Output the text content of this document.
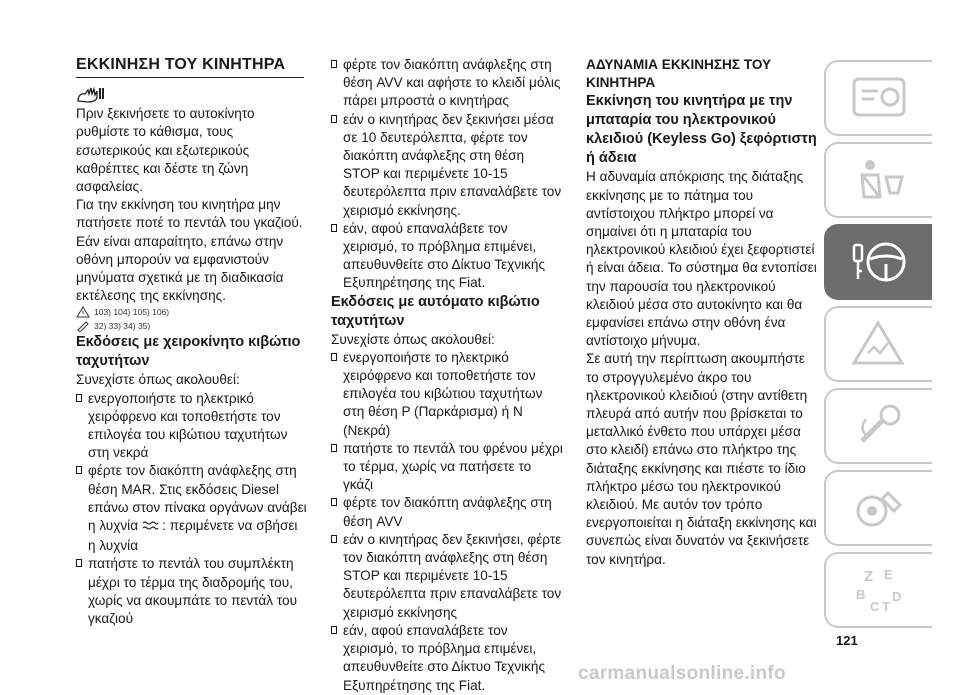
ΕΚΚΙΝΗΣΗ ΤΟΥ ΚΙΝΗΤΗΡΑ

Πριν ξεκινήσετε το αυτοκίνητο ρυθμίστε το κάθισμα, τους εσωτερικούς και εξωτερικούς καθρέπτες και δέστε τη ζώνη ασφαλείας.

Για την εκκίνηση του κινητήρα μην πατήσετε ποτέ το πεντάλ του γκαζιού.

Εάν είναι απαραίτητο, επάνω στην οθόνη μπορούν να εμφανιστούν μηνύματα σχετικά με τη διαδικασία εκτέλεσης της εκκίνησης.

103) 104) 105) 106)
32) 33) 34) 35)

Εκδόσεις με χειροκίνητο κιβώτιο ταχυτήτων

Συνεχίστε όπως ακολουθεί:

ενεργοποιήστε το ηλεκτρικό χειρόφρενο και τοποθετήστε τον επιλογέα του κιβώτιου ταχυτήτων στη νεκρά

φέρτε τον διακόπτη ανάφλεξης στη θέση MAR. Στις εκδόσεις Diesel επάνω στον πίνακα οργάνων ανάβει η λυχνία : περιμένετε να σβήσει η λυχνία

πατήστε το πεντάλ του συμπλέκτη μέχρι το τέρμα της διαδρομής του, χωρίς να ακουμπάτε το πεντάλ του γκαζιού

φέρτε τον διακόπτη ανάφλεξης στη θέση AVV και αφήστε το κλειδί μόλις πάρει μπροστά ο κινητήρας

εάν ο κινητήρας δεν ξεκινήσει μέσα σε 10 δευτερόλεπτα, φέρτε τον διακόπτη ανάφλεξης στη θέση STOP και περιμένετε 10-15 δευτερόλεπτα πριν επαναλάβετε τον χειρισμό εκκίνησης.

εάν, αφού επαναλάβετε τον χειρισμό, το πρόβλημα επιμένει, απευθυνθείτε στο Δίκτυο Τεχνικής Εξυπηρέτησης της Fiat.

Εκδόσεις με αυτόματο κιβώτιο ταχυτήτων

Συνεχίστε όπως ακολουθεί:

ενεργοποιήστε το ηλεκτρικό χειρόφρενο και τοποθετήστε τον επιλογέα του κιβώτιου ταχυτήτων στη θέση P (Παρκάρισμα) ή N (Νεκρά)

πατήστε το πεντάλ του φρένου μέχρι το τέρμα, χωρίς να πατήσετε το γκάζι

φέρτε τον διακόπτη ανάφλεξης στη θέση AVV

εάν ο κινητήρας δεν ξεκινήσει, φέρτε τον διακόπτη ανάφλεξης στη θέση STOP και περιμένετε 10-15 δευτερόλεπτα πριν επαναλάβετε τον χειρισμό εκκίνησης

εάν, αφού επαναλάβετε τον χειρισμό, το πρόβλημα επιμένει, απευθυνθείτε στο Δίκτυο Τεχνικής Εξυπηρέτησης της Fiat.

ΑΔΥΝΑΜΙΑ ΕΚΚΙΝΗΣΗΣ ΤΟΥ ΚΙΝΗΤΗΡΑ

Εκκίνηση του κινητήρα με την μπαταρία του ηλεκτρονικού κλειδιού (Keyless Go) ξεφόρτιστη ή άδεια

Η αδυναμία απόκρισης της διάταξης εκκίνησης με το πάτημα του αντίστοιχου πλήκτρο μπορεί να σημαίνει ότι η μπαταρία του ηλεκτρονικού κλειδιού έχει ξεφορτιστεί ή είναι άδεια. Το σύστημα θα εντοπίσει την παρουσία του ηλεκτρονικού κλειδιού μέσα στο αυτοκίνητο και θα εμφανίσει επάνω στην οθόνη ένα αντίστοιχο μήνυμα.

Σε αυτή την περίπτωση ακουμπήστε το στρογγυλεμένο άκρο του ηλεκτρονικού κλειδιού (στην αντίθετη πλευρά από αυτήν που βρίσκεται το μεταλλικό ένθετο που υπάρχει μέσα στο κλειδί) επάνω στο πλήκτρο της διάταξης εκκίνησης και πιέστε το ίδιο πλήκτρο μέσω του ηλεκτρονικού κλειδιού. Με αυτόν τον τρόπο ενεργοποιείται η διάταξη εκκίνησης και συνεπώς είναι δυνατόν να ξεκινήσετε τον κινητήρα.

Z E
B
C T
D
121
carmanualsonline.info
